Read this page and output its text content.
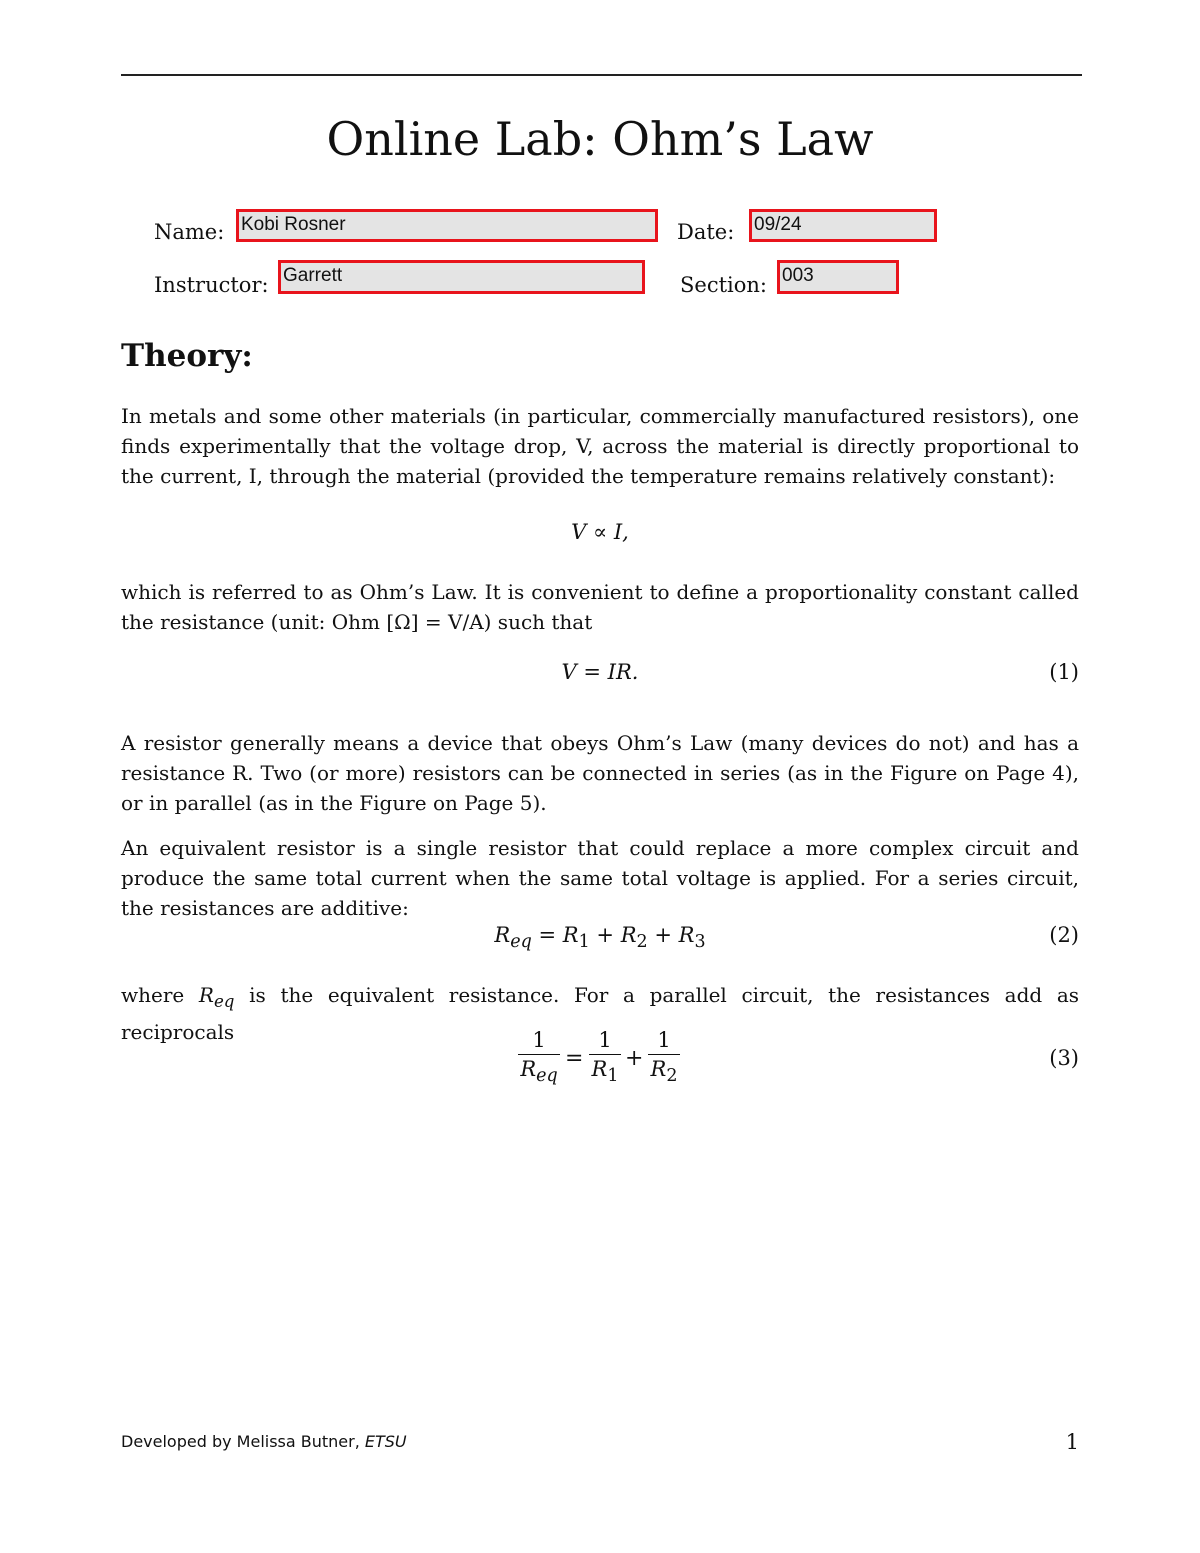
Online Lab: Ohm’s Law
Name: Kobi Rosner	Date: 09/24
Instructor: Garrett	Section: 003
Theory:
In metals and some other materials (in particular, commercially manufactured resistors), one finds experimentally that the voltage drop, V, across the material is directly proportional to the current, I, through the material (provided the temperature remains relatively constant):
V ∝ I,
which is referred to as Ohm’s Law. It is convenient to define a proportionality constant called the resistance (unit: Ohm [Ω] = V/A) such that
V = IR.	(1)
A resistor generally means a device that obeys Ohm’s Law (many devices do not) and has a resistance R. Two (or more) resistors can be connected in series (as in the Figure on Page 4), or in parallel (as in the Figure on Page 5).
An equivalent resistor is a single resistor that could replace a more complex circuit and produce the same total current when the same total voltage is applied. For a series circuit, the resistances are additive:
$R_{eq} = R_1 + R_2 + R_3$	(2)
where $R_{eq}$ is the equivalent resistance. For a parallel circuit, the resistances add as reciprocals	1
$R_{eq}$
=
1
$R_1$
+
1
$R_2$
(3)
Developed by Melissa Butner, ETSU	1
